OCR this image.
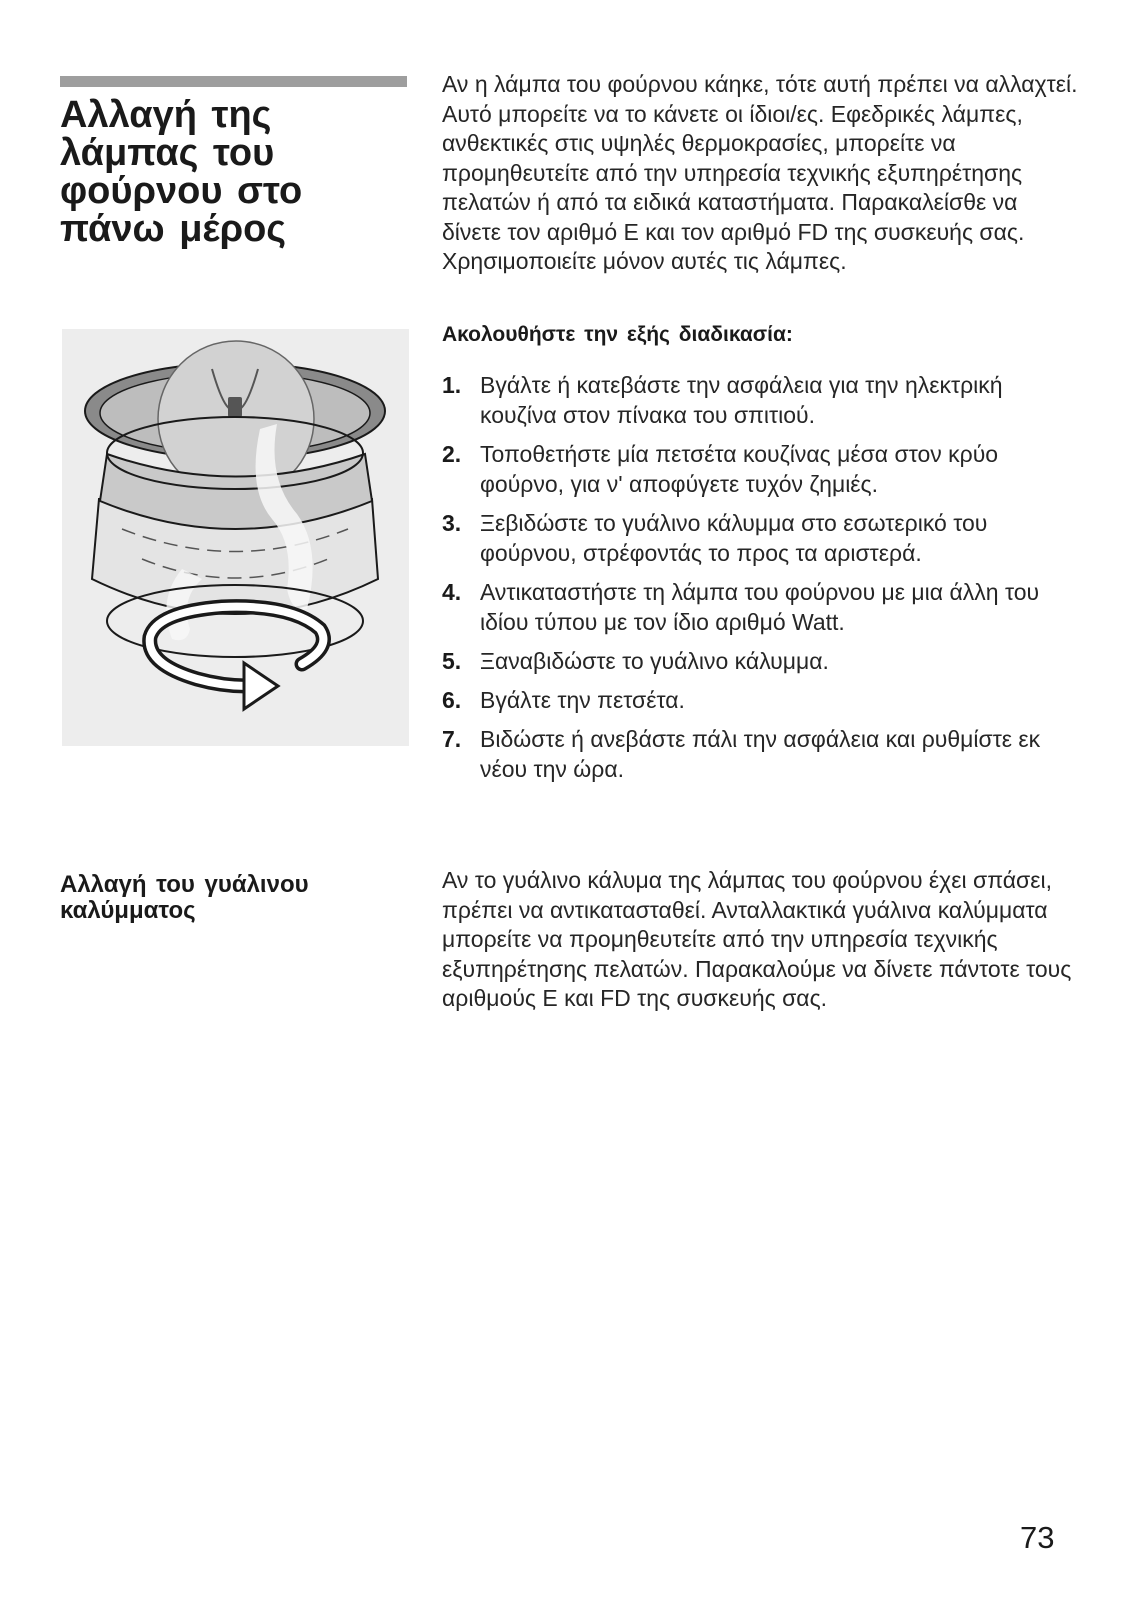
Αλλαγή της
λάμπας του
φούρνου στο
πάνω μέρος

Αν η λάμπα του φούρνου κάηκε, τότε αυτή πρέπει να αλλαχτεί. Αυτό μπορείτε να το κάνετε οι ίδιοι/ες. Εφεδρικές λάμπες, ανθεκτικές στις υψηλές θερμοκρασίες, μπορείτε να προμηθευτείτε από την υπηρεσία τεχνικής εξυπηρέτησης πελατών ή από τα ειδικά καταστήματα. Παρακαλείσθε να δίνετε τον αριθμό E και τον αριθμό FD της συσκευής σας. Χρησιμοποιείτε μόνον αυτές τις λάμπες.

Ακολουθήστε την εξής διαδικασία:

1. Βγάλτε ή κατεβάστε την ασφάλεια για την ηλεκτρική κουζίνα στον πίνακα του σπιτιού.
2. Τοποθετήστε μία πετσέτα κουζίνας μέσα στον κρύο φούρνο, για ν' αποφύγετε τυχόν ζημιές.
3. Ξεβιδώστε το γυάλινο κάλυμμα στο εσωτερικό του φούρνου, στρέφοντάς το προς τα αριστερά.
4. Αντικαταστήστε τη λάμπα του φούρνου με μια άλλη του ιδίου τύπου με τον ίδιο αριθμό Watt.
5. Ξαναβιδώστε το γυάλινο κάλυμμα.
6. Βγάλτε την πετσέτα.
7. Βιδώστε ή ανεβάστε πάλι την ασφάλεια και ρυθμίστε εκ νέου την ώρα.
Αλλαγή του γυάλινου
καλύμματος

Αν το γυάλινο κάλυμα της λάμπας του φούρνου έχει σπάσει, πρέπει να αντικατασταθεί. Ανταλλακτικά γυάλινα καλύμματα μπορείτε να προμηθευτείτε από την υπηρεσία τεχνικής εξυπηρέτησης πελατών. Παρακαλούμε να δίνετε πάντοτε τους αριθμούς E και FD της συσκευής σας.

73
